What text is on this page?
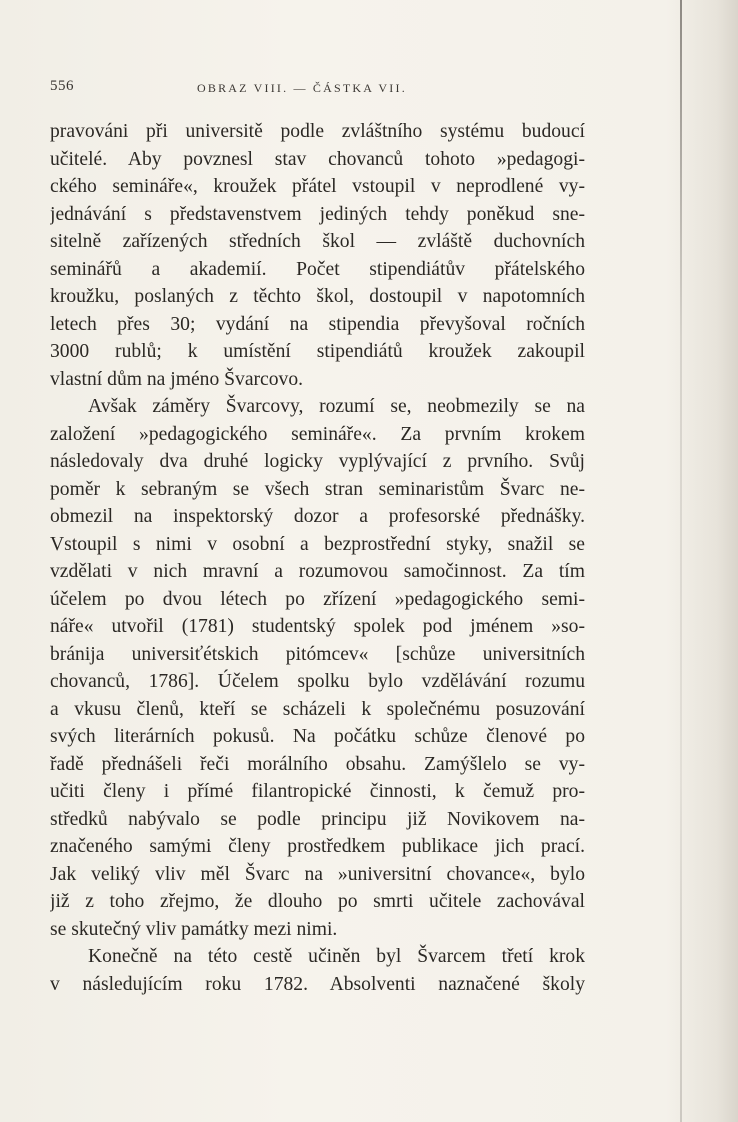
556	OBRAZ VIII. — ČÁSTKA VII.
pravováni při universitě podle zvláštního systému budoucí
učitelé. Aby povznesl stav chovanců tohoto »pedagogi-
ckého semináře«, kroužek přátel vstoupil v neprodlené vy-
jednávání s představenstvem jediných tehdy poněkud sne-
sitelně zařízených středních škol — zvláště duchovních
seminářů a akademií. Počet stipendiátův přátelského
kroužku, poslaných z těchto škol, dostoupil v napotomních
letech přes 30; vydání na stipendia převyšoval ročních
3000 rublů; k umístění stipendiátů kroužek zakoupil
vlastní dům na jméno Švarcovo.
Avšak záměry Švarcovy, rozumí se, neobmezily se na
založení »pedagogického semináře«. Za prvním krokem
následovaly dva druhé logicky vyplývající z prvního. Svůj
poměr k sebraným se všech stran seminaristům Švarc ne-
obmezil na inspektorský dozor a profesorské přednášky.
Vstoupil s nimi v osobní a bezprostřední styky, snažil se
vzdělati v nich mravní a rozumovou samočinnost. Za tím
účelem po dvou létech po zřízení »pedagogického semi-
náře« utvořil (1781) studentský spolek pod jménem »so-
bránija universiťétskich pitómcev« [schůze universitních
chovanců, 1786]. Účelem spolku bylo vzdělávání rozumu
a vkusu členů, kteří se scházeli k společnému posuzování
svých literárních pokusů. Na počátku schůze členové po
řadě přednášeli řeči morálního obsahu. Zamýšlelo se vy-
učiti členy i přímé filantropické činnosti, k čemuž pro-
středků nabývalo se podle principu již Novikovem na-
značeného samými členy prostředkem publikace jich prací.
Jak veliký vliv měl Švarc na »universitní chovance«, bylo
již z toho zřejmo, že dlouho po smrti učitele zachovával
se skutečný vliv památky mezi nimi.
Konečně na této cestě učiněn byl Švarcem třetí krok
v následujícím roku 1782. Absolventi naznačené školy
